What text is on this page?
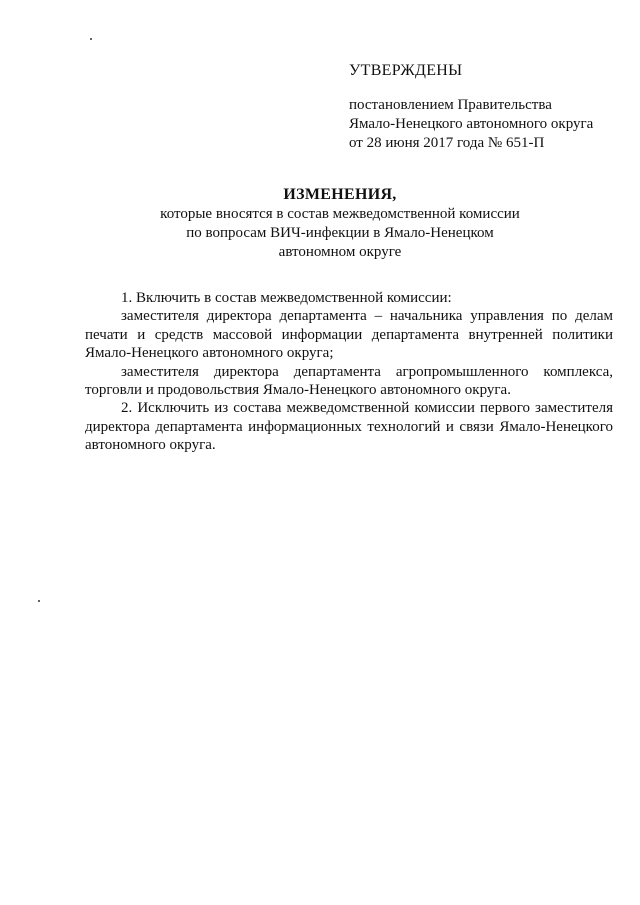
УТВЕРЖДЕНЫ

постановлением Правительства

Ямало-Ненецкого автономного округа

от 28 июня 2017 года № 651-П

ИЗМЕНЕНИЯ,

которые вносятся в состав межведомственной комиссии

по вопросам ВИЧ-инфекции в Ямало-Ненецком

автономном округе

1. Включить в состав межведомственной комиссии:

заместителя директора департамента – начальника управления по делам печати и средств массовой информации департамента внутренней политики Ямало-Ненецкого автономного округа;

заместителя директора департамента агропромышленного комплекса, торговли и продовольствия Ямало-Ненецкого автономного округа.

2. Исключить из состава межведомственной комиссии первого заместителя директора департамента информационных технологий и связи Ямало-Ненецкого автономного округа.
